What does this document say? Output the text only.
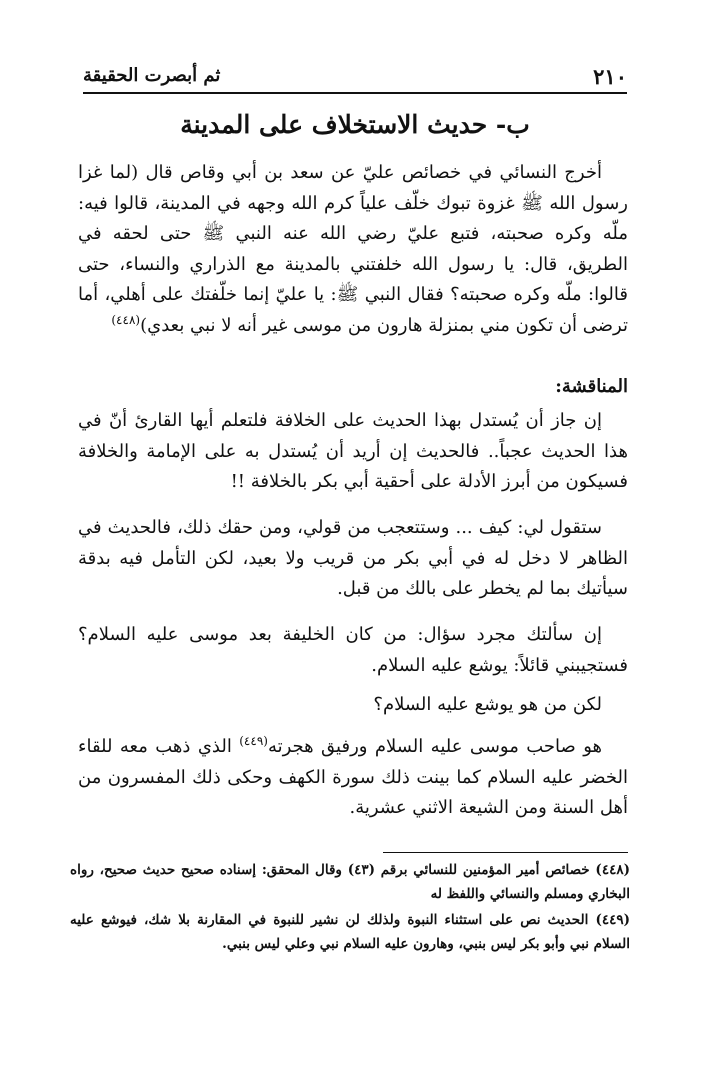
٢١٠
ثم أبصرت الحقيقة
ب- حديث الاستخلاف على المدينة

أخرج النسائي في خصائص عليّ عن سعد بن أبي وقاص قال (لما غزا رسول الله ﷺ غزوة تبوك خلّف علياً كرم الله وجهه في المدينة، قالوا فيه: ملّه وكره صحبته، فتبع عليّ رضي الله عنه النبي ﷺ حتى لحقه في الطريق، قال: يا رسول الله خلفتني بالمدينة مع الذراري والنساء، حتى قالوا: ملّه وكره صحبته؟ فقال النبي ﷺ: يا عليّ إنما خلّفتك على أهلي، أما ترضى أن تكون مني بمنزلة هارون من موسى غير أنه لا نبي بعدي)$^{(٤٤٨)}$

المناقشة:

إن جاز أن يُستدل بهذا الحديث على الخلافة فلتعلم أيها القارئ أنّ في هذا الحديث عجباً.. فالحديث إن أريد أن يُستدل به على الإمامة والخلافة فسيكون من أبرز الأدلة على أحقية أبي بكر بالخلافة !!

ستقول لي: كيف ... وستتعجب من قولي، ومن حقك ذلك، فالحديث في الظاهر لا دخل له في أبي بكر من قريب ولا بعيد، لكن التأمل فيه بدقة سيأتيك بما لم يخطر على بالك من قبل.

إن سألتك مجرد سؤال: من كان الخليفة بعد موسى عليه السلام؟ فستجيبني قائلاً: يوشع عليه السلام.

لكن من هو يوشع عليه السلام؟

هو صاحب موسى عليه السلام ورفيق هجرته$^{(٤٤٩)}$ الذي ذهب معه للقاء الخضر عليه السلام كما بينت ذلك سورة الكهف وحكى ذلك المفسرون من أهل السنة ومن الشيعة الاثني عشرية.

(٤٤٨) خصائص أمير المؤمنين للنسائي برقم (٤٣) وقال المحقق: إسناده صحيح حديث صحيح، رواه البخاري ومسلم والنسائي واللفظ له

(٤٤٩) الحديث نص على استثناء النبوة ولذلك لن نشير للنبوة في المقارنة بلا شك، فيوشع عليه السلام نبي وأبو بكر ليس بنبي، وهارون عليه السلام نبي وعلي ليس بنبي.
